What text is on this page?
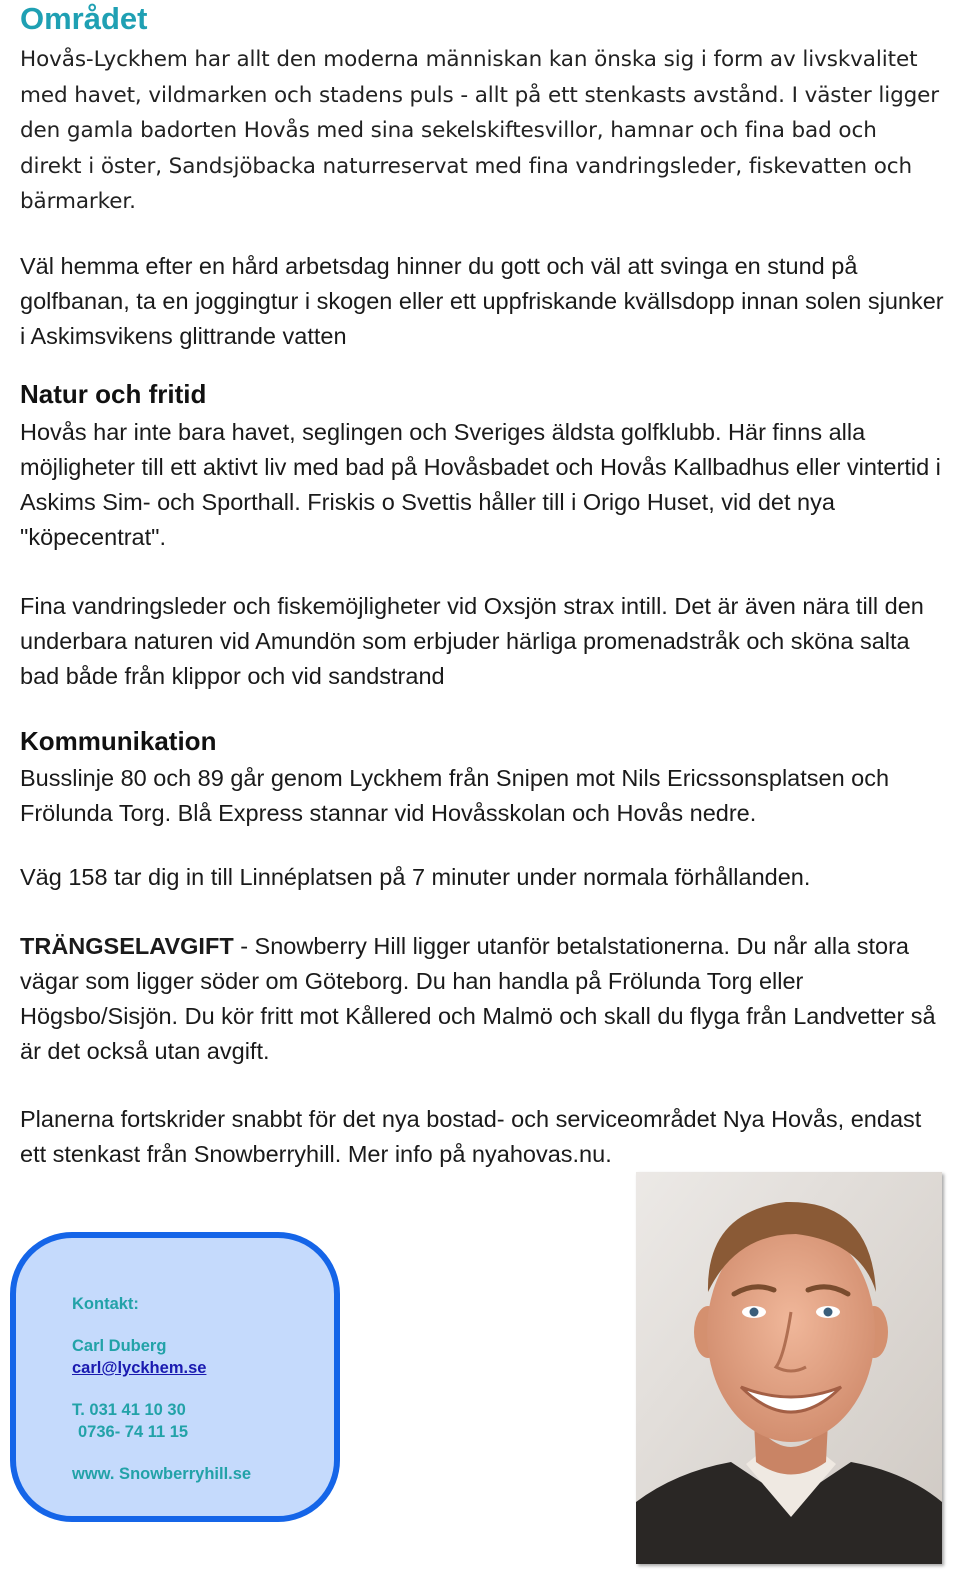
Området

Hovås-Lyckhem har allt den moderna människan kan önska sig i form av livskvalitet med havet, vildmarken och stadens puls - allt på ett stenkasts avstånd. I väster ligger den gamla badorten Hovås med sina sekelskiftesvillor, hamnar och fina bad och direkt i öster, Sandsjöbacka naturreservat med fina vandringsleder, fiskevatten och bärmarker.

Väl hemma efter en hård arbetsdag hinner du gott och väl att svinga en stund på golfbanan, ta en joggingtur i skogen eller ett uppfriskande kvällsdopp innan solen sjunker i Askimsvikens glittrande vatten

Natur och fritid

Hovås har inte bara havet, seglingen och Sveriges äldsta golfklubb. Här finns alla möjligheter till ett aktivt liv med bad på Hovåsbadet och Hovås Kallbadhus eller vintertid i Askims Sim- och Sporthall. Friskis o Svettis håller till i Origo Huset, vid det nya "köpecentrat".

Fina vandringsleder och fiskemöjligheter vid Oxsjön strax intill. Det är även nära till den underbara naturen vid Amundön som erbjuder härliga promenadstråk och sköna salta bad både från klippor och vid sandstrand

Kommunikation

Busslinje 80 och 89 går genom Lyckhem från Snipen mot Nils Ericssonsplatsen och Frölunda Torg. Blå Express stannar vid Hovåsskolan och Hovås nedre.

Väg 158 tar dig in till Linnéplatsen på 7 minuter under normala förhållanden.

TRÄNGSELAVGIFT - Snowberry Hill ligger utanför betalstationerna. Du når alla stora vägar som ligger söder om Göteborg. Du han handla på Frölunda Torg eller Högsbo/Sisjön. Du kör fritt mot Kållered och Malmö och skall du flyga från Landvetter så är det också utan avgift.

Planerna fortskrider snabbt för det nya bostad- och serviceområdet Nya Hovås, endast ett stenkast från Snowberryhill. Mer info på nyahovas.nu.

Kontakt:

Carl Duberg

carl@lyckhem.se

T. 031 41 10 30

0736- 74 11 15

www. Snowberryhill.se
